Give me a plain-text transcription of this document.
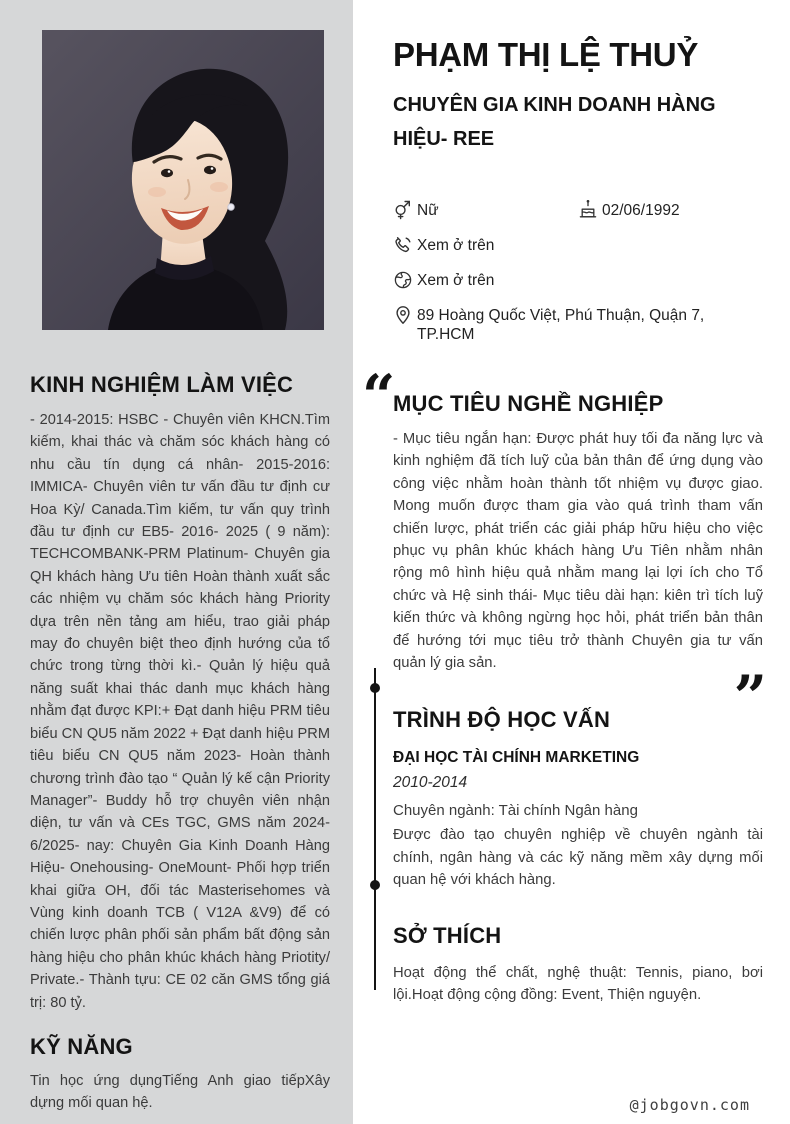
KINH NGHIỆM LÀM VIỆC
- 2014-2015: HSBC - Chuyên viên KHCN.Tìm kiếm, khai thác và chăm sóc khách hàng có nhu cầu tín dụng cá nhân- 2015-2016: IMMICA- Chuyên viên tư vấn đầu tư định cư Hoa Kỳ/ Canada.Tìm kiếm, tư vấn quy trình đầu tư định cư EB5- 2016- 2025 ( 9 năm): TECHCOMBANK-PRM Platinum- Chuyên gia QH khách hàng Ưu tiên Hoàn thành xuất sắc các nhiệm vụ chăm sóc khách hàng Priority dựa trên nền tảng am hiểu, trao giải pháp may đo chuyên biệt theo định hướng của tổ chức trong từng thời kì.- Quản lý hiệu quả năng suất khai thác danh mục khách hàng nhằm đạt được KPI:+ Đạt danh hiệu PRM tiêu biểu CN QU5 năm 2022 + Đạt danh hiệu PRM tiêu biểu CN QU5 năm 2023- Hoàn thành chương trình đào tạo “ Quản lý kế cận Priority Manager”- Buddy hỗ trợ chuyên viên nhận diện, tư vấn và CEs TGC, GMS năm 2024- 6/2025- nay: Chuyên Gia Kinh Doanh Hàng Hiệu- Onehousing- OneMount- Phối hợp triển khai giữa OH, đối tác Masterisehomes và Vùng kinh doanh TCB ( V12A &V9) để có chiến lược phân phối sản phẩm bất động sản hàng hiệu cho phân khúc khách hàng Priotity/ Private.- Thành tựu: CE 02 căn GMS tổng giá trị: 80 tỷ.
KỸ NĂNG
Tin học ứng dụngTiếng Anh giao tiếpXây dựng mối quan hệ.
PHẠM THỊ LỆ THUỶ
CHUYÊN GIA KINH DOANH HÀNG HIỆU- REE
Nữ	02/06/1992
Xem ở trên
Xem ở trên
89 Hoàng Quốc Việt, Phú Thuận, Quận 7, TP.HCM
“
MỤC TIÊU NGHỀ NGHIỆP
- Mục tiêu ngắn hạn: Được phát huy tối đa năng lực và kinh nghiệm đã tích luỹ của bản thân để ứng dụng vào công việc nhằm hoàn thành tốt nhiệm vụ được giao. Mong muốn được tham gia vào quá trình tham vấn chiến lược, phát triển các giải pháp hữu hiệu cho việc phục vụ phân khúc khách hàng Ưu Tiên nhằm nhân rộng mô hình hiệu quả nhằm mang lại lợi ích cho Tổ chức và Hệ sinh thái- Mục tiêu dài hạn: kiên trì tích luỹ kiến thức và không ngừng học hỏi, phát triển bản thân để hướng tới mục tiêu trở thành Chuyên gia tư vấn quản lý gia sản.
”
TRÌNH ĐỘ HỌC VẤN
ĐẠI HỌC TÀI CHÍNH MARKETING
2010-2014
Chuyên ngành: Tài chính Ngân hàng
Được đào tạo chuyên nghiệp về chuyên ngành tài chính, ngân hàng và các kỹ năng mềm xây dựng mối quan hệ với khách hàng.
SỞ THÍCH
Hoạt động thể chất, nghệ thuật: Tennis, piano, bơi lội.Hoạt động cộng đồng: Event, Thiện nguyện.
@jobgovn.com
